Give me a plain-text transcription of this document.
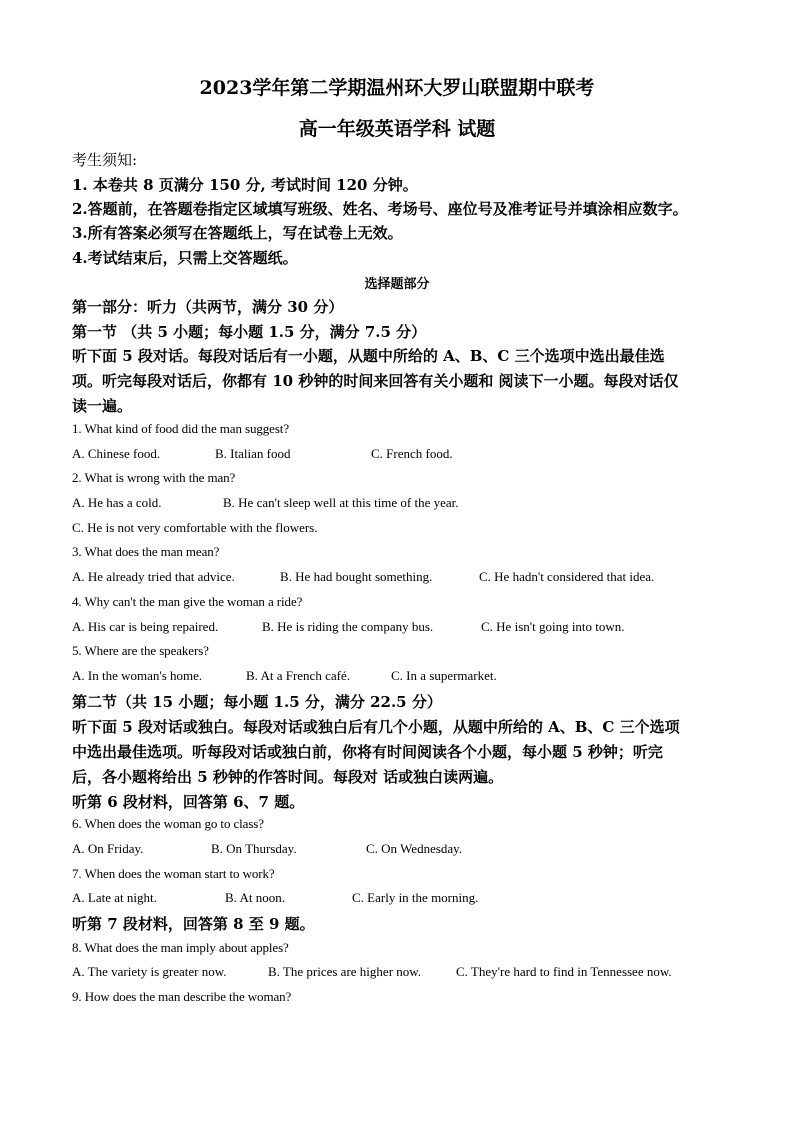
2023学年第二学期温州环大罗山联盟期中联考
高一年级英语学科 试题
考生须知:
1. 本卷共 8 页满分 150 分, 考试时间 120 分钟。
2.答题前，在答题卷指定区域填写班级、姓名、考场号、座位号及准考证号并填涂相应数字。
3.所有答案必须写在答题纸上，写在试卷上无效。
4.考试结束后，只需上交答题纸。
选择题部分
第一部分：听力（共两节，满分 30 分）
第一节 （共 5 小题；每小题 1.5 分，满分 7.5 分）
听下面 5 段对话。每段对话后有一小题，从题中所给的 A、B、C 三个选项中选出最佳选
项。听完每段对话后，你都有 10 秒钟的时间来回答有关小题和 阅读下一小题。每段对话仅
读一遍。
1. What kind of food did the man suggest?
A. Chinese food.	B. Italian food	C. French food.
2. What is wrong with the man?
A. He has a cold.	B. He can't sleep well at this time of the year.
C. He is not very comfortable with the flowers.
3. What does the man mean?
A. He already tried that advice.	B. He had bought something.	C. He hadn't considered that idea.
4. Why can't the man give the woman a ride?
A. His car is being repaired.	B. He is riding the company bus.	C. He isn't going into town.
5. Where are the speakers?
A. In the woman's home.	B. At a French café.	C. In a supermarket.
第二节（共 15 小题；每小题 1.5 分，满分 22.5 分）
听下面 5 段对话或独白。每段对话或独白后有几个小题，从题中所给的 A、B、C 三个选项
中选出最佳选项。听每段对话或独白前，你将有时间阅读各个小题，每小题 5 秒钟；听完
后，各小题将给出 5 秒钟的作答时间。每段对 话或独白读两遍。
听第 6 段材料，回答第 6、7 题。
6. When does the woman go to class?
A. On Friday.	B. On Thursday.	C. On Wednesday.
7. When does the woman start to work?
A. Late at night.	B. At noon.	C. Early in the morning.
听第 7 段材料，回答第 8 至 9 题。
8. What does the man imply about apples?
A. The variety is greater now.	B. The prices are higher now.	C. They're hard to find in Tennessee now.
9. How does the man describe the woman?
